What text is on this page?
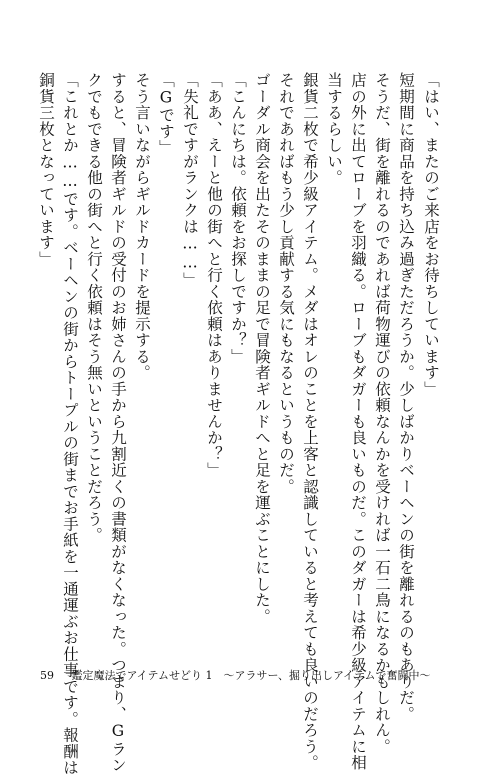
「はい、またのご来店をお待ちしています」
短期間に商品を持ち込み過ぎただろうか。少しばかりベーヘンの街を離れるのもありだ。
そうだ、街を離れるのであれば荷物運びの依頼なんかを受ければ一石二鳥になるかもしれん。
店の外に出てローブを羽織る。ローブもダガーも良いものだ。このダガーは希少級アイテムに相
当するらしい。
銀貨二枚で希少級アイテム。メダはオレのことを上客と認識していると考えても良いのだろう。
それであればもう少し貢献する気にもなるというものだ。
ゴーダル商会を出たそのままの足で冒険者ギルドへと足を運ぶことにした。
「こんにちは。依頼をお探しですか？」
「ああ、えーと他の街へと行く依頼はありませんか？」
「失礼ですがランクは……」
「Gです」
そう言いながらギルドカードを提示する。
すると、冒険者ギルドの受付のお姉さんの手から九割近くの書類がなくなった。つまり、Gラン
クでもできる他の街へと行く依頼はそう無いということだろう。
「これとか……です。ベーヘンの街からトープルの街までお手紙を一通運ぶお仕事です。報酬は
銅貨三枚となっています」
59 鑑定魔法でアイテムせどり 1　〜アラサー、掘り出しアイテムで奮闘中〜
